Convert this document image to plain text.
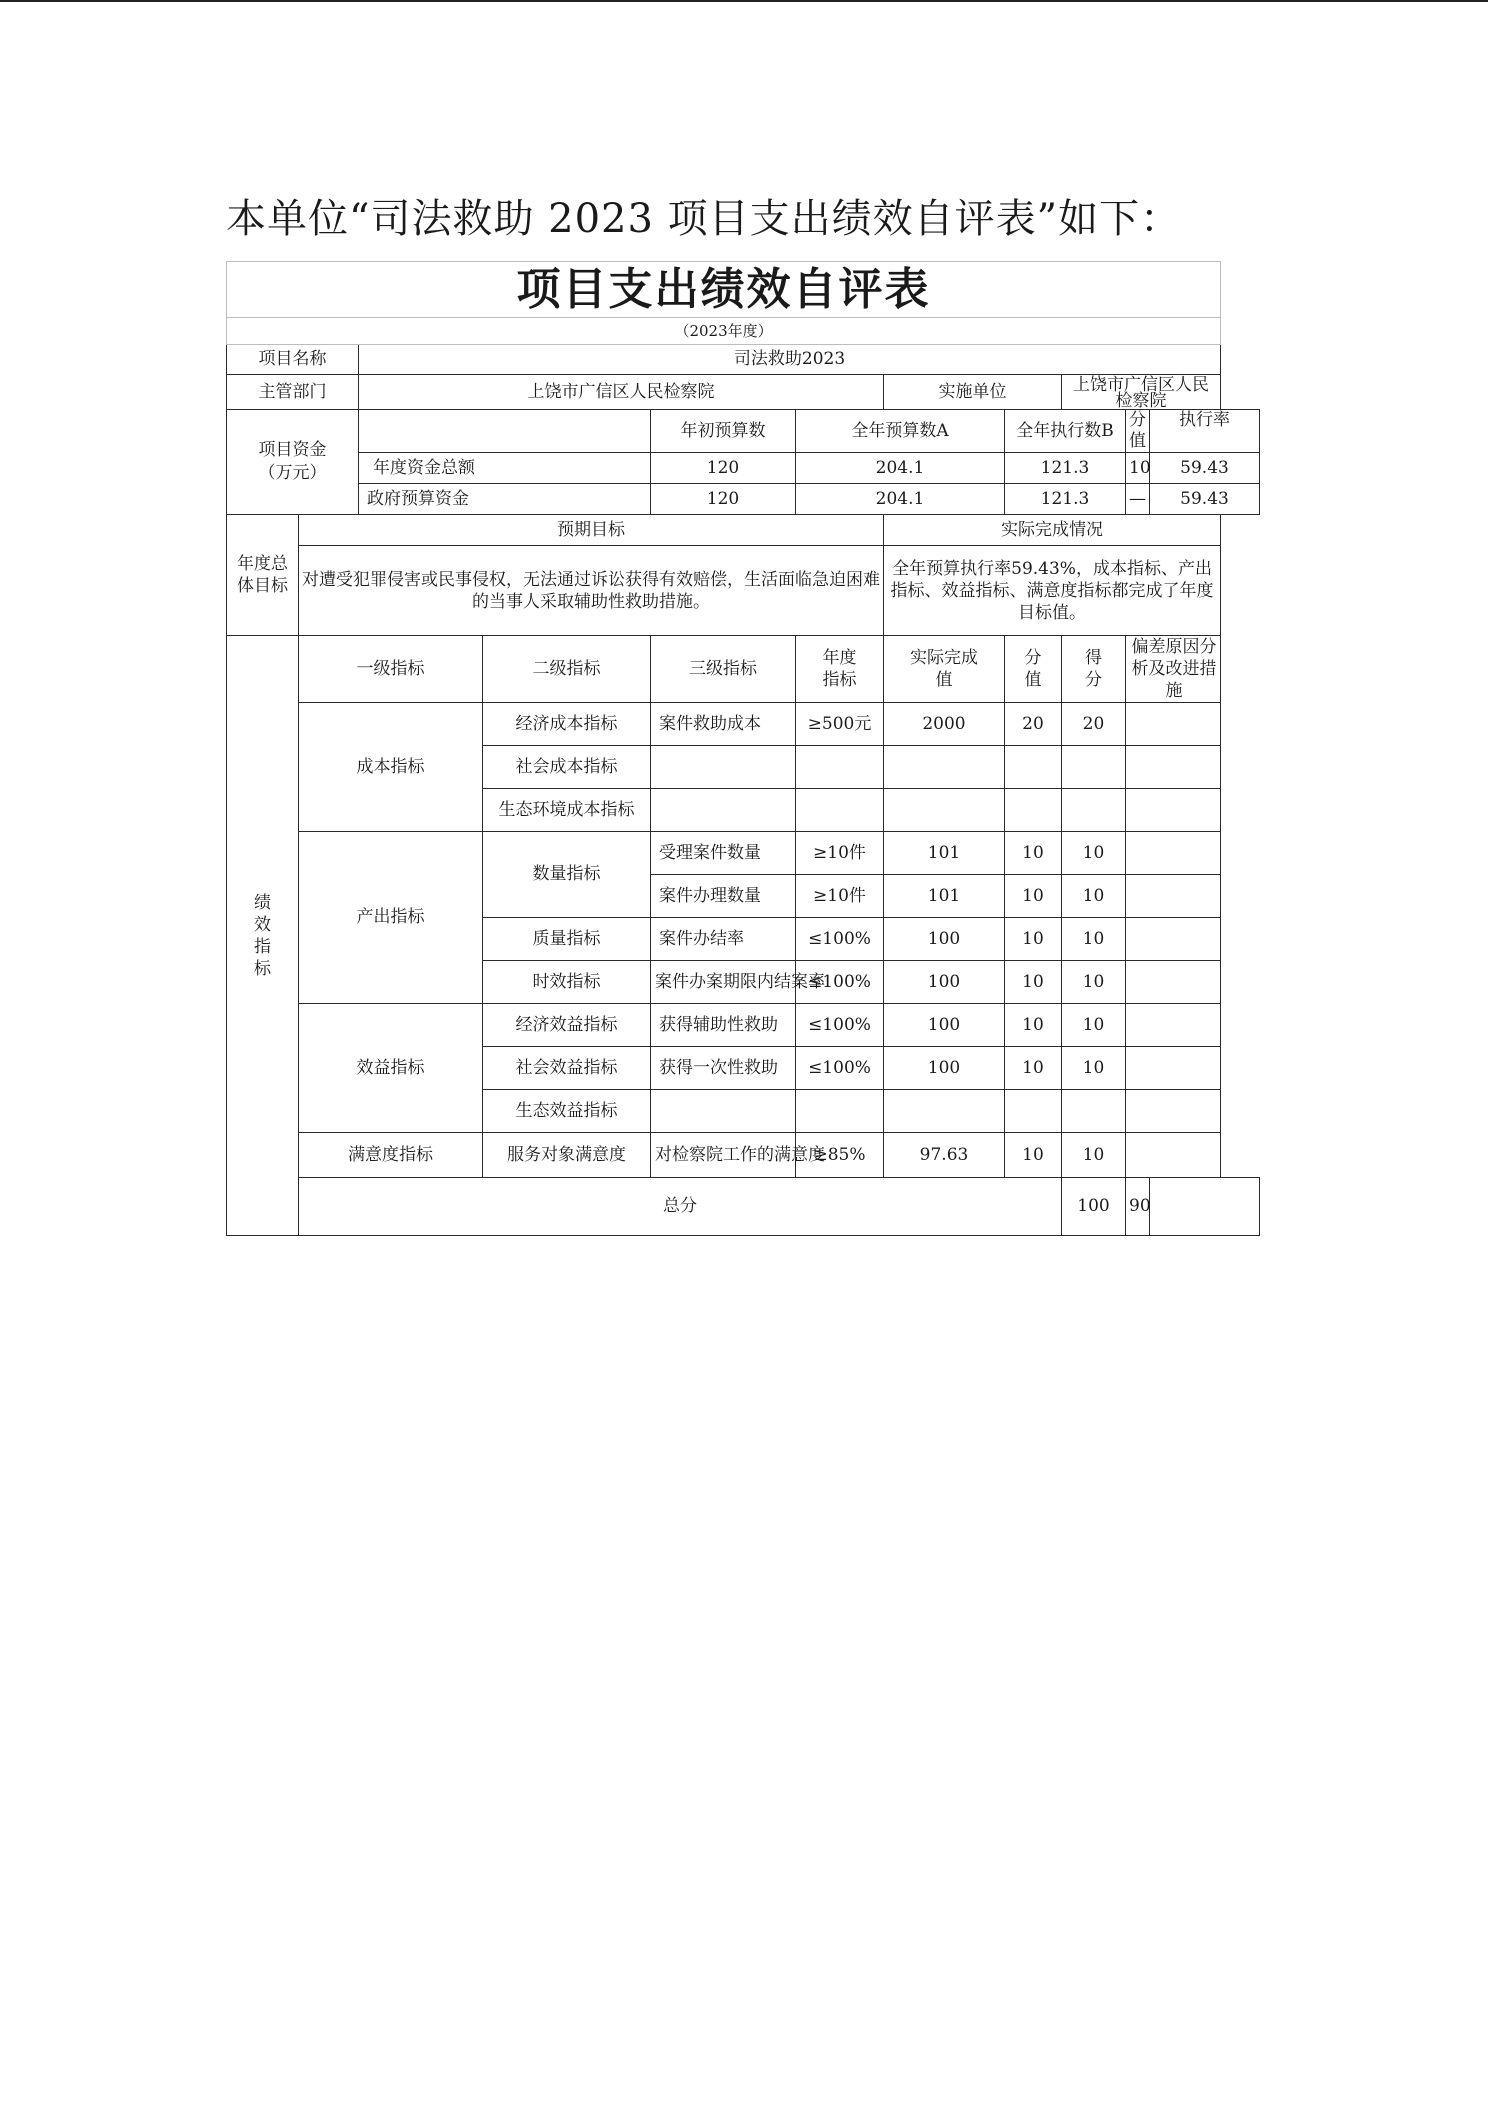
本单位“司法救助 2023 项目支出绩效自评表”如下：
项目支出绩效自评表										
（2023年度）										
项目名称		司法救助2023								
主管部门		上饶市广信区人民检察院				实施单位		上饶市广信区人民检察院		

项目资金（万元）				年初预算数	全年预算数A		全年执行数B		分值	执行率
		年度资金总额		120	204.1		121.3		10	59.43
		政府预算资金		120	204.1		121.3		—	59.43

年度总体目标	预期目标					实际完成情况				
	对遭受犯罪侵害或民事侵权，无法通过诉讼获得有效赔偿，生活面临急迫困难的当事人采取辅助性救助措施。					全年预算执行率59.43%，成本指标、产出指标、效益指标、满意度指标都完成了年度目标值。				

绩效指标	一级指标		二级指标	三级指标	年度指标	实际完成值	分值	得分	偏差原因分析及改进措施	

	成本指标		经济成本指标	案件救助成本	≥500元	2000	20	20		
			社会成本指标							
			生态环境成本指标							
	产出指标		数量指标	受理案件数量	≥10件	101	10	10		
				案件办理数量	≥10件	101	10	10		
			质量指标	案件办结率	≤100%	100	10	10		
			时效指标	案件办案期限内结案率	≤100%	100	10	10		
	效益指标		经济效益指标	获得辅助性救助	≤100%	100	10	10		
			社会效益指标	获得一次性救助	≤100%	100	10	10		
			生态效益指标							
	满意度指标		服务对象满意度	对检察院工作的满意度	≥85%	97.63	10	10		
	总分							100	90	
